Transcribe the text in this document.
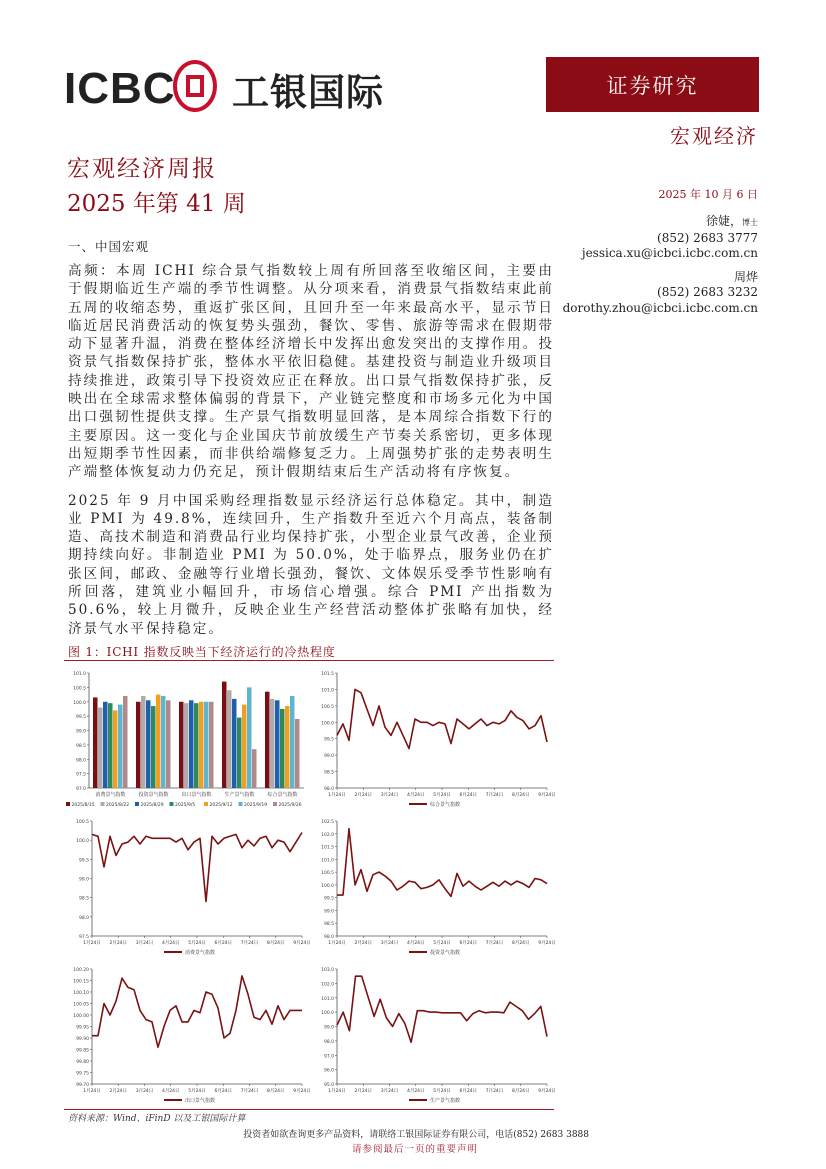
ICBC 工银国际	证券研究
宏观经济
宏观经济周报
2025 年第 41 周	2025 年 10 月 6 日
徐婕，博士
(852) 2683 3777
jessica.xu@icbci.icbc.com.cn
周烨
(852) 2683 3232
dorothy.zhou@icbci.icbc.com.cn
一、中国宏观

高频：本周 ICHI 综合景气指数较上周有所回落至收缩区间，主要由于假期临近生产端的季节性调整。从分项来看，消费景气指数结束此前五周的收缩态势，重返扩张区间，且回升至一年来最高水平，显示节日临近居民消费活动的恢复势头强劲，餐饮、零售、旅游等需求在假期带动下显著升温，消费在整体经济增长中发挥出愈发突出的支撑作用。投资景气指数保持扩张，整体水平依旧稳健。基建投资与制造业升级项目持续推进，政策引导下投资效应正在释放。出口景气指数保持扩张，反映出在全球需求整体偏弱的背景下，产业链完整度和市场多元化为中国出口强韧性提供支撑。生产景气指数明显回落，是本周综合指数下行的主要原因。这一变化与企业国庆节前放缓生产节奏关系密切，更多体现出短期季节性因素，而非供给端修复乏力。上周强势扩张的走势表明生产端整体恢复动力仍充足，预计假期结束后生产活动将有序恢复。

2025 年 9 月中国采购经理指数显示经济运行总体稳定。其中，制造业 PMI 为 49.8%，连续回升，生产指数升至近六个月高点，装备制造、高技术制造和消费品行业均保持扩张，小型企业景气改善，企业预期持续向好。非制造业 PMI 为 50.0%，处于临界点，服务业仍在扩张区间，邮政、金融等行业增长强劲，餐饮、文体娱乐受季节性影响有所回落，建筑业小幅回升，市场信心增强。综合 PMI 产出指数为 50.6%，较上月微升，反映企业生产经营活动整体扩张略有加快，经济景气水平保持稳定。

图 1：ICHI 指数反映当下经济运行的冷热程度
97.0
97.5
98.0
98.5
99.0
99.5
100.0
100.5
101.0
消费景气指数	投资景气指数	出口景气指数	生产景气指数	综合景气指数
2025/8/15	2025/8/22	2025/8/29	2025/9/5	2025/9/12	2025/9/19	2025/9/26
98.0
98.5
99.0
99.5
100.0
100.5
101.0
101.5
1月24日 2月24日 3月24日 4月24日 5月24日 6月24日 7月24日 8月24日 9月24日
综合景气指数
97.5
98.0
98.5
99.0
99.5
100.0
100.5
1月24日 2月24日 3月24日 4月24日 5月24日 6月24日 7月24日 8月24日 9月24日
消费景气指数
98.0
98.5
99.0
99.5
100.0
100.5
101.0
101.5
102.0
102.5
1月24日 2月24日 3月24日 4月24日 5月24日 6月24日 7月24日 8月24日 9月24日
投资景气指数
99.70
99.75
99.80
99.85
99.90
99.95
100.00
100.05
100.10
100.15
100.20
1月24日 2月24日 3月24日 4月24日 5月24日 6月24日 7月24日 8月24日 9月24日
出口景气指数
95.0
96.0
97.0
98.0
99.0
100.0
101.0
102.0
103.0
1月24日 2月24日 3月24日 4月24日 5月24日 6月24日 7月24日 8月24日 9月24日
生产景气指数
资料来源：Wind、iFinD 以及工银国际计算
投资者如欲查询更多产品资料，请联络工银国际证券有限公司，电话(852) 2683 3888
请参阅最后一页的重要声明
